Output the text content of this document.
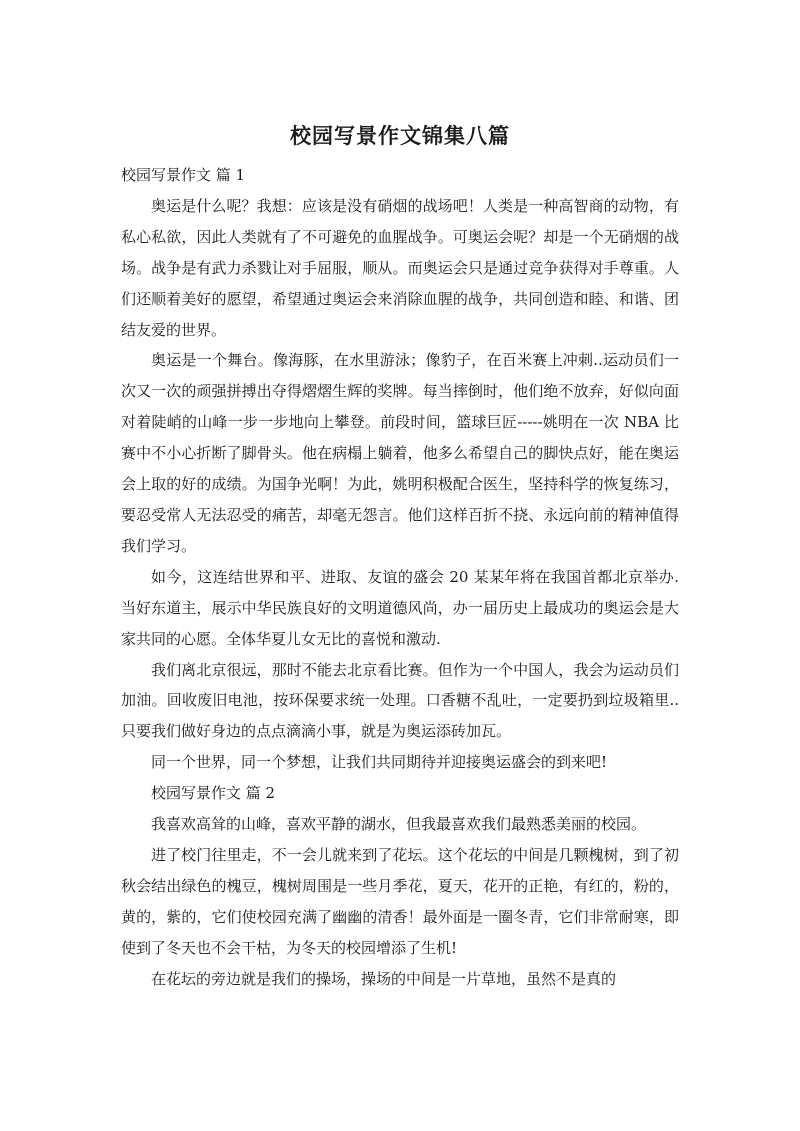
校园写景作文锦集八篇

校园写景作文 篇 1

奥运是什么呢？我想：应该是没有硝烟的战场吧！人类是一种高智商的动物，有私心私欲，因此人类就有了不可避免的血腥战争。可奥运会呢？却是一个无硝烟的战场。战争是有武力杀戮让对手屈服，顺从。而奥运会只是通过竞争获得对手尊重。人们还顺着美好的愿望，希望通过奥运会来消除血腥的战争，共同创造和睦、和谐、团结友爱的世界。

奥运是一个舞台。像海豚，在水里游泳；像豹子，在百米赛上冲刺..运动员们一次又一次的顽强拼搏出夺得熠熠生辉的奖牌。每当摔倒时，他们绝不放弃，好似向面对着陡峭的山峰一步一步地向上攀登。前段时间，篮球巨匠-----姚明在一次 NBA 比赛中不小心折断了脚骨头。他在病榻上躺着，他多么希望自己的脚快点好，能在奥运会上取的好的成绩。为国争光啊！为此，姚明积极配合医生，坚持科学的恢复练习，要忍受常人无法忍受的痛苦，却毫无怨言。他们这样百折不挠、永远向前的精神值得我们学习。

如今，这连结世界和平、进取、友谊的盛会 20 某某年将在我国首都北京举办. 当好东道主，展示中华民族良好的文明道德风尚，办一届历史上最成功的奥运会是大家共同的心愿。全体华夏儿女无比的喜悦和激动.

我们离北京很远，那时不能去北京看比赛。但作为一个中国人，我会为运动员们加油。回收废旧电池，按环保要求统一处理。口香糖不乱吐，一定要扔到垃圾箱里..只要我们做好身边的点点滴滴小事，就是为奥运添砖加瓦。

同一个世界，同一个梦想，让我们共同期待并迎接奥运盛会的到来吧!

校园写景作文 篇 2

我喜欢高耸的山峰，喜欢平静的湖水，但我最喜欢我们最熟悉美丽的校园。

进了校门往里走，不一会儿就来到了花坛。这个花坛的中间是几颗槐树，到了初秋会结出绿色的槐豆，槐树周围是一些月季花，夏天，花开的正艳，有红的，粉的，黄的，紫的，它们使校园充满了幽幽的清香！最外面是一圈冬青，它们非常耐寒，即使到了冬天也不会干枯，为冬天的校园增添了生机!

在花坛的旁边就是我们的操场，操场的中间是一片草地，虽然不是真的
